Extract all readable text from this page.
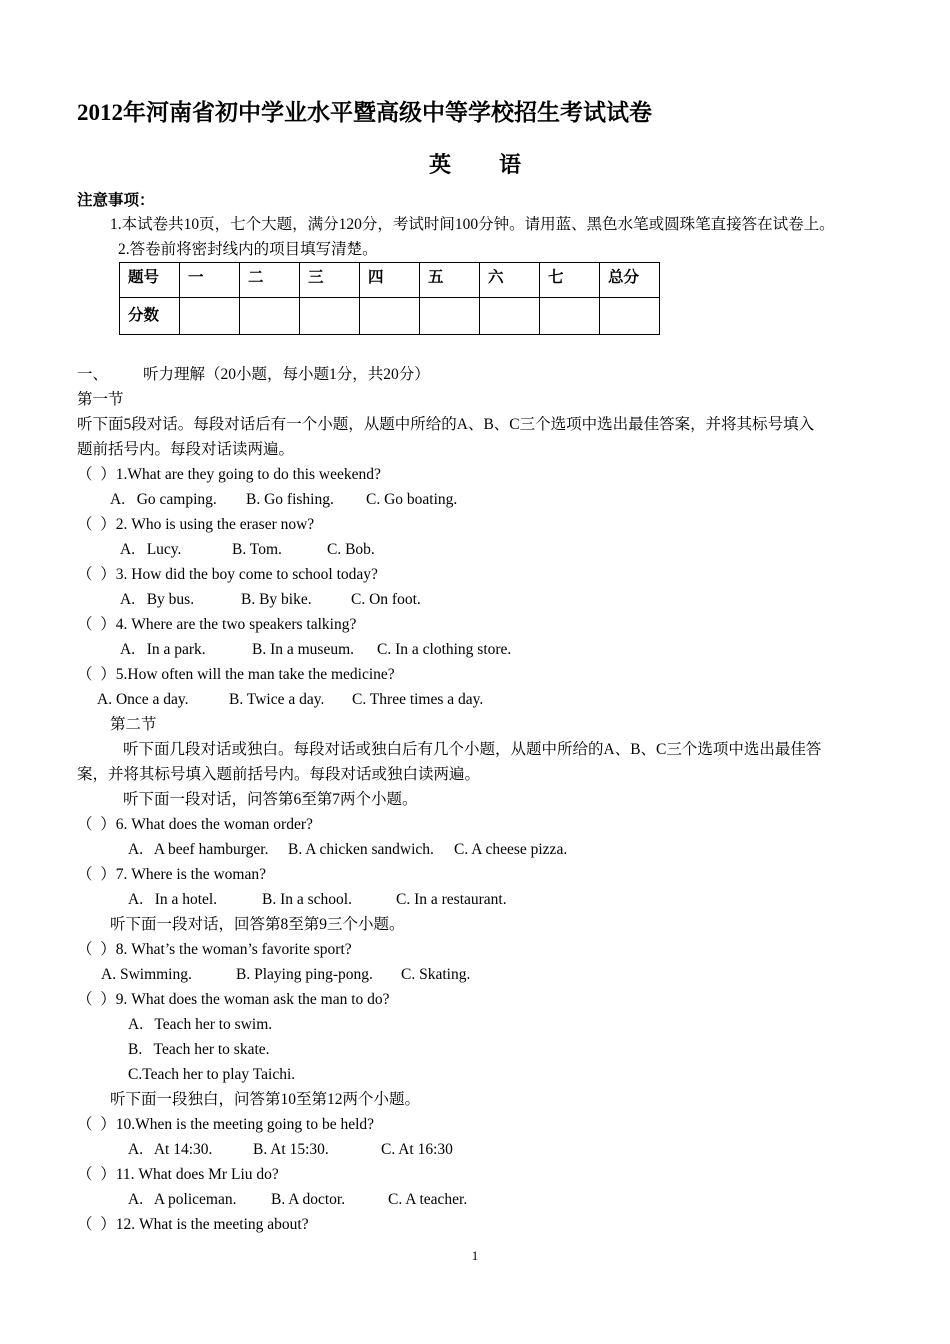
2012年河南省初中学业水平暨高级中等学校招生考试试卷
英 语
注意事项：
1.本试卷共10页，七个大题，满分120分，考试时间100分钟。请用蓝、黑色水笔或圆珠笔直接答在试卷上。
2.答卷前将密封线内的项目填写清楚。
题号	一	二	三	四	五	六	七	总分

分数								

一、 听力理解（20小题，每小题1分，共20分）
第一节
听下面5段对话。每段对话后有一个小题，从题中所给的A、B、C三个选项中选出最佳答案，并将其标号填入
题前括号内。每段对话读两遍。
（  ）1.What are they going to do this weekend?
A.   Go camping. B. Go fishing. C. Go boating.
（  ）2. Who is using the eraser now?
A.   Lucy.	B. Tom.	C. Bob.
（  ）3. How did the boy come to school today?
A.   By bus.	B. By bike.	C. On foot.
（  ）4. Where are the two speakers talking?
A.   In a park.	B. In a museum. C. In a clothing store.
（  ）5.How often will the man take the medicine?
A. Once a day.	B. Twice a day. C. Three times a day.
第二节
听下面几段对话或独白。每段对话或独白后有几个小题，从题中所给的A、B、C三个选项中选出最佳答
案，并将其标号填入题前括号内。每段对话或独白读两遍。
听下面一段对话，问答第6至第7两个小题。
（  ）6. What does the woman order?
A.   A beef hamburger. B. A chicken sandwich. C. A cheese pizza.
（  ）7. Where is the woman?
A.   In a hotel.	B. In a school.	C. In a restaurant.
听下面一段对话，回答第8至第9三个小题。
（  ）8. What’s the woman’s favorite sport?
A. Swimming.	B. Playing ping-pong. C. Skating.
（  ）9. What does the woman ask the man to do?
A.   Teach her to swim.
B.   Teach her to skate.
C.Teach her to play Taichi.
听下面一段独白，问答第10至第12两个小题。
（  ）10.When is the meeting going to be held?
A.   At 14:30.	B. At 15:30.	C. At 16:30
（  ）11. What does Mr Liu do?
A.   A policeman. B. A doctor.	C. A teacher.
（  ）12. What is the meeting about?
1
